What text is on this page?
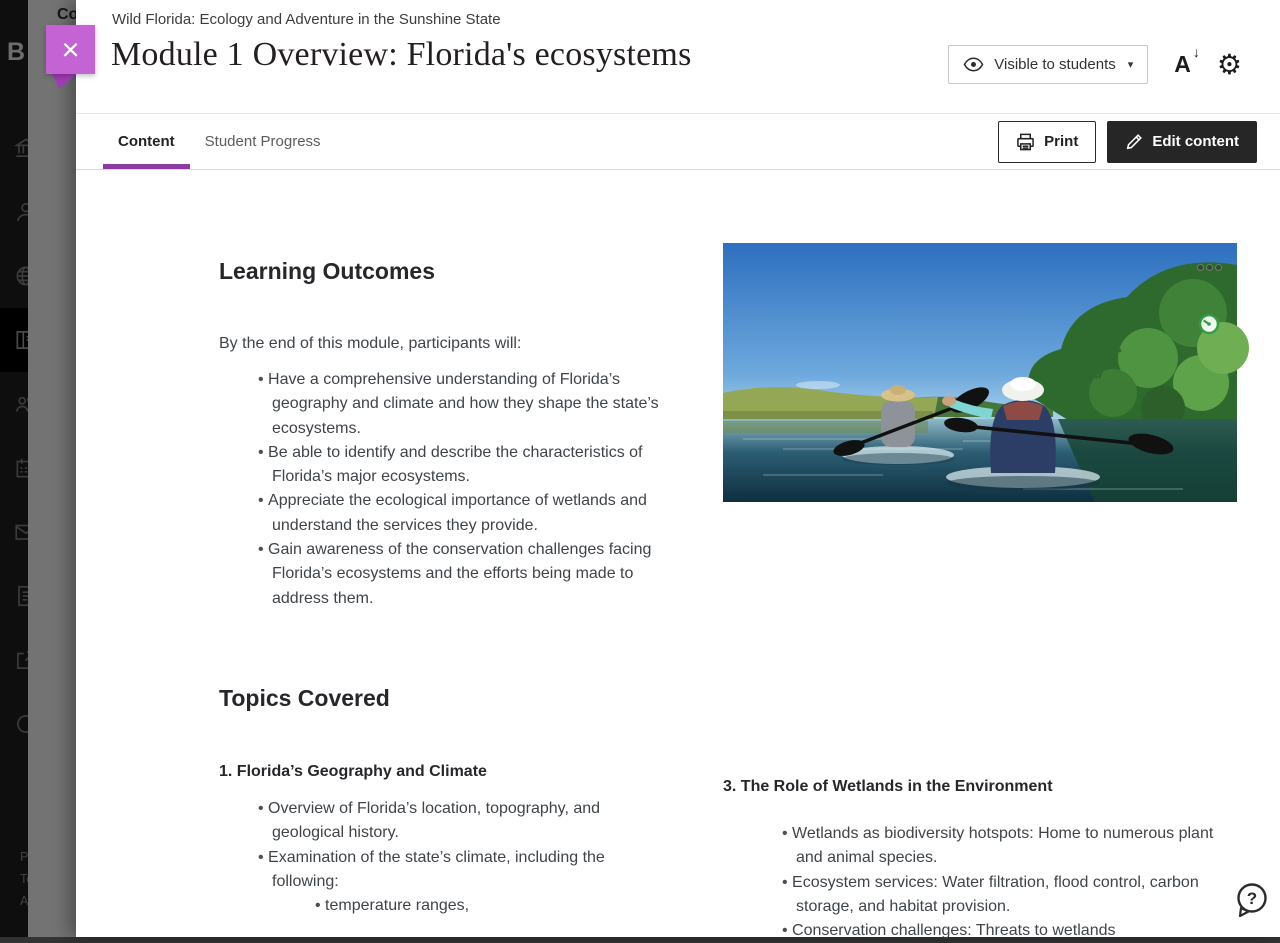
×
Wild Florida: Ecology and Adventure in the Sunshine State
Module 1 Overview: Florida's ecosystems	Visible to students ▾ A ↓ ⚙
Content Student Progress	Print	Edit content
Learning Outcomes

By the end of this module, participants will:

• Have a comprehensive understanding of Florida’s geography and climate and how they shape the state’s ecosystems.
• Be able to identify and describe the characteristics of Florida’s major ecosystems.
• Appreciate the ecological importance of wetlands and understand the services they provide.
• Gain awareness of the conservation challenges facing Florida’s ecosystems and the efforts being made to address them.
Topics Covered
1. Florida’s Geography and Climate
• Overview of Florida’s location, topography, and geological history.
• Examination of the state’s climate, including the following:
• temperature ranges,
3. The Role of Wetlands in the Environment
• Wetlands as biodiversity hotspots: Home to numerous plant and animal species.
• Ecosystem services: Water filtration, flood control, carbon storage, and habitat provision.
• Conservation challenges: Threats to wetlands
?
